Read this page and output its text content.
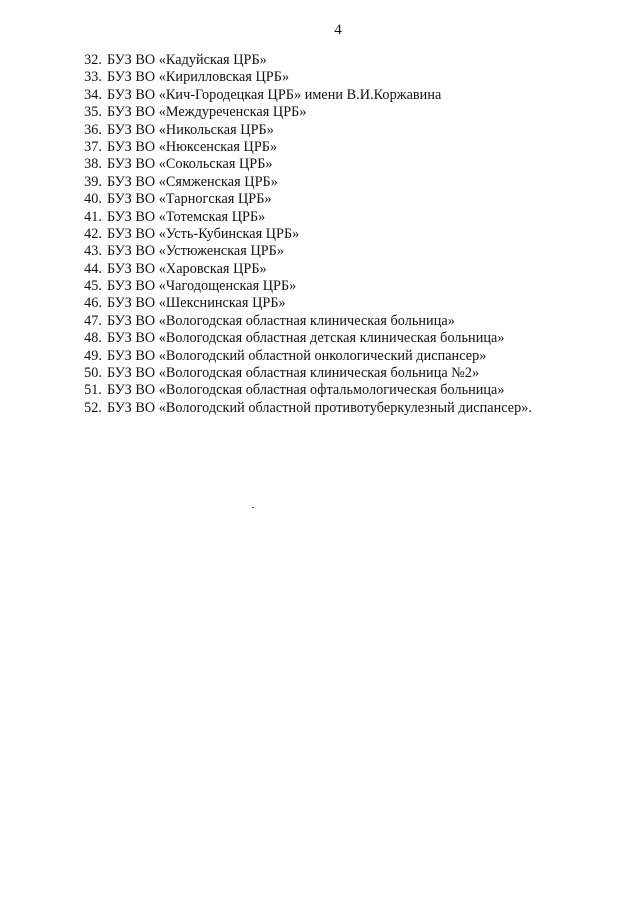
4
32. БУЗ ВО «Кадуйская ЦРБ»
33. БУЗ ВО «Кирилловская ЦРБ»
34. БУЗ ВО «Кич-Городецкая ЦРБ» имени В.И.Коржавина
35. БУЗ ВО «Междуреченская ЦРБ»
36. БУЗ ВО «Никольская ЦРБ»
37. БУЗ ВО «Нюксенская ЦРБ»
38. БУЗ ВО «Сокольская ЦРБ»
39. БУЗ ВО «Сямженская ЦРБ»
40. БУЗ ВО «Тарногская ЦРБ»
41. БУЗ ВО «Тотемская ЦРБ»
42. БУЗ ВО «Усть-Кубинская ЦРБ»
43. БУЗ ВО «Устюженская ЦРБ»
44. БУЗ ВО «Харовская ЦРБ»
45. БУЗ ВО «Чагодощенская ЦРБ»
46. БУЗ ВО «Шекснинская ЦРБ»
47. БУЗ ВО «Вологодская областная клиническая больница»
48. БУЗ ВО «Вологодская областная детская клиническая больница»
49. БУЗ ВО «Вологодский областной онкологический диспансер»
50. БУЗ ВО «Вологодская областная клиническая больница №2»
51. БУЗ ВО «Вологодская областная офтальмологическая больница»
52. БУЗ ВО «Вологодский областной противотуберкулезный диспансер».
